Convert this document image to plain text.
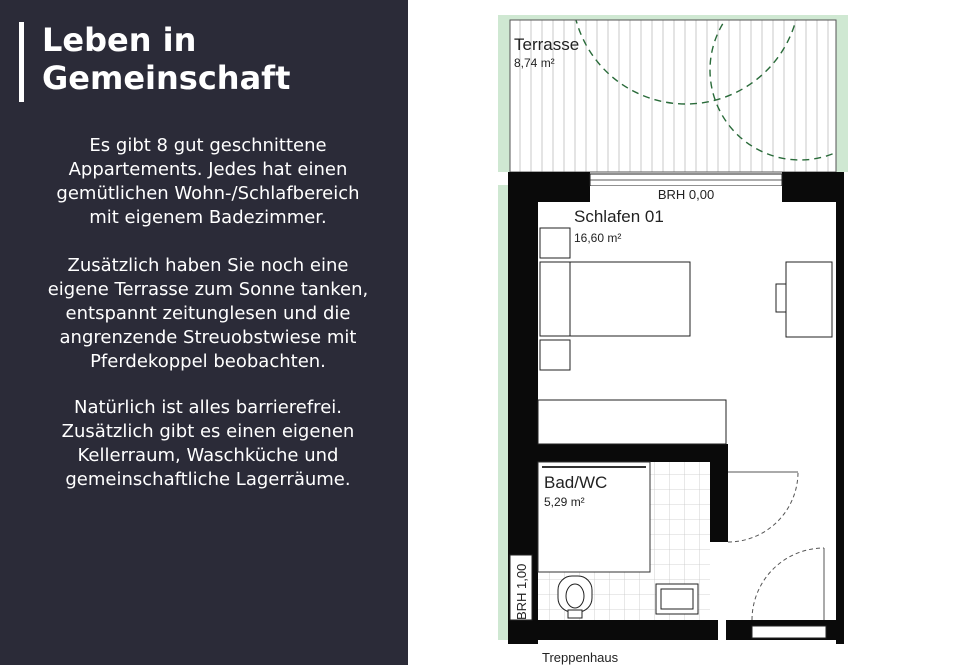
Leben in
Gemeinschaft

Es gibt 8 gut geschnittene
Appartements. Jedes hat einen
gemütlichen Wohn-/Schlafbereich
mit eigenem Badezimmer.

Zusätzlich haben Sie noch eine
eigene Terrasse zum Sonne tanken,
entspannt zeitunglesen und die
angrenzende Streuobstwiese mit
Pferdekoppel beobachten.

Natürlich ist alles barrierefrei.
Zusätzlich gibt es einen eigenen
Kellerraum, Waschküche und
gemeinschaftliche Lagerräume.

BRH 0,00
Schlafen 01
16,60 m²
Bad/WC
5,29 m²
BRH 1,00
Treppenhaus
Terrasse
8,74 m²
